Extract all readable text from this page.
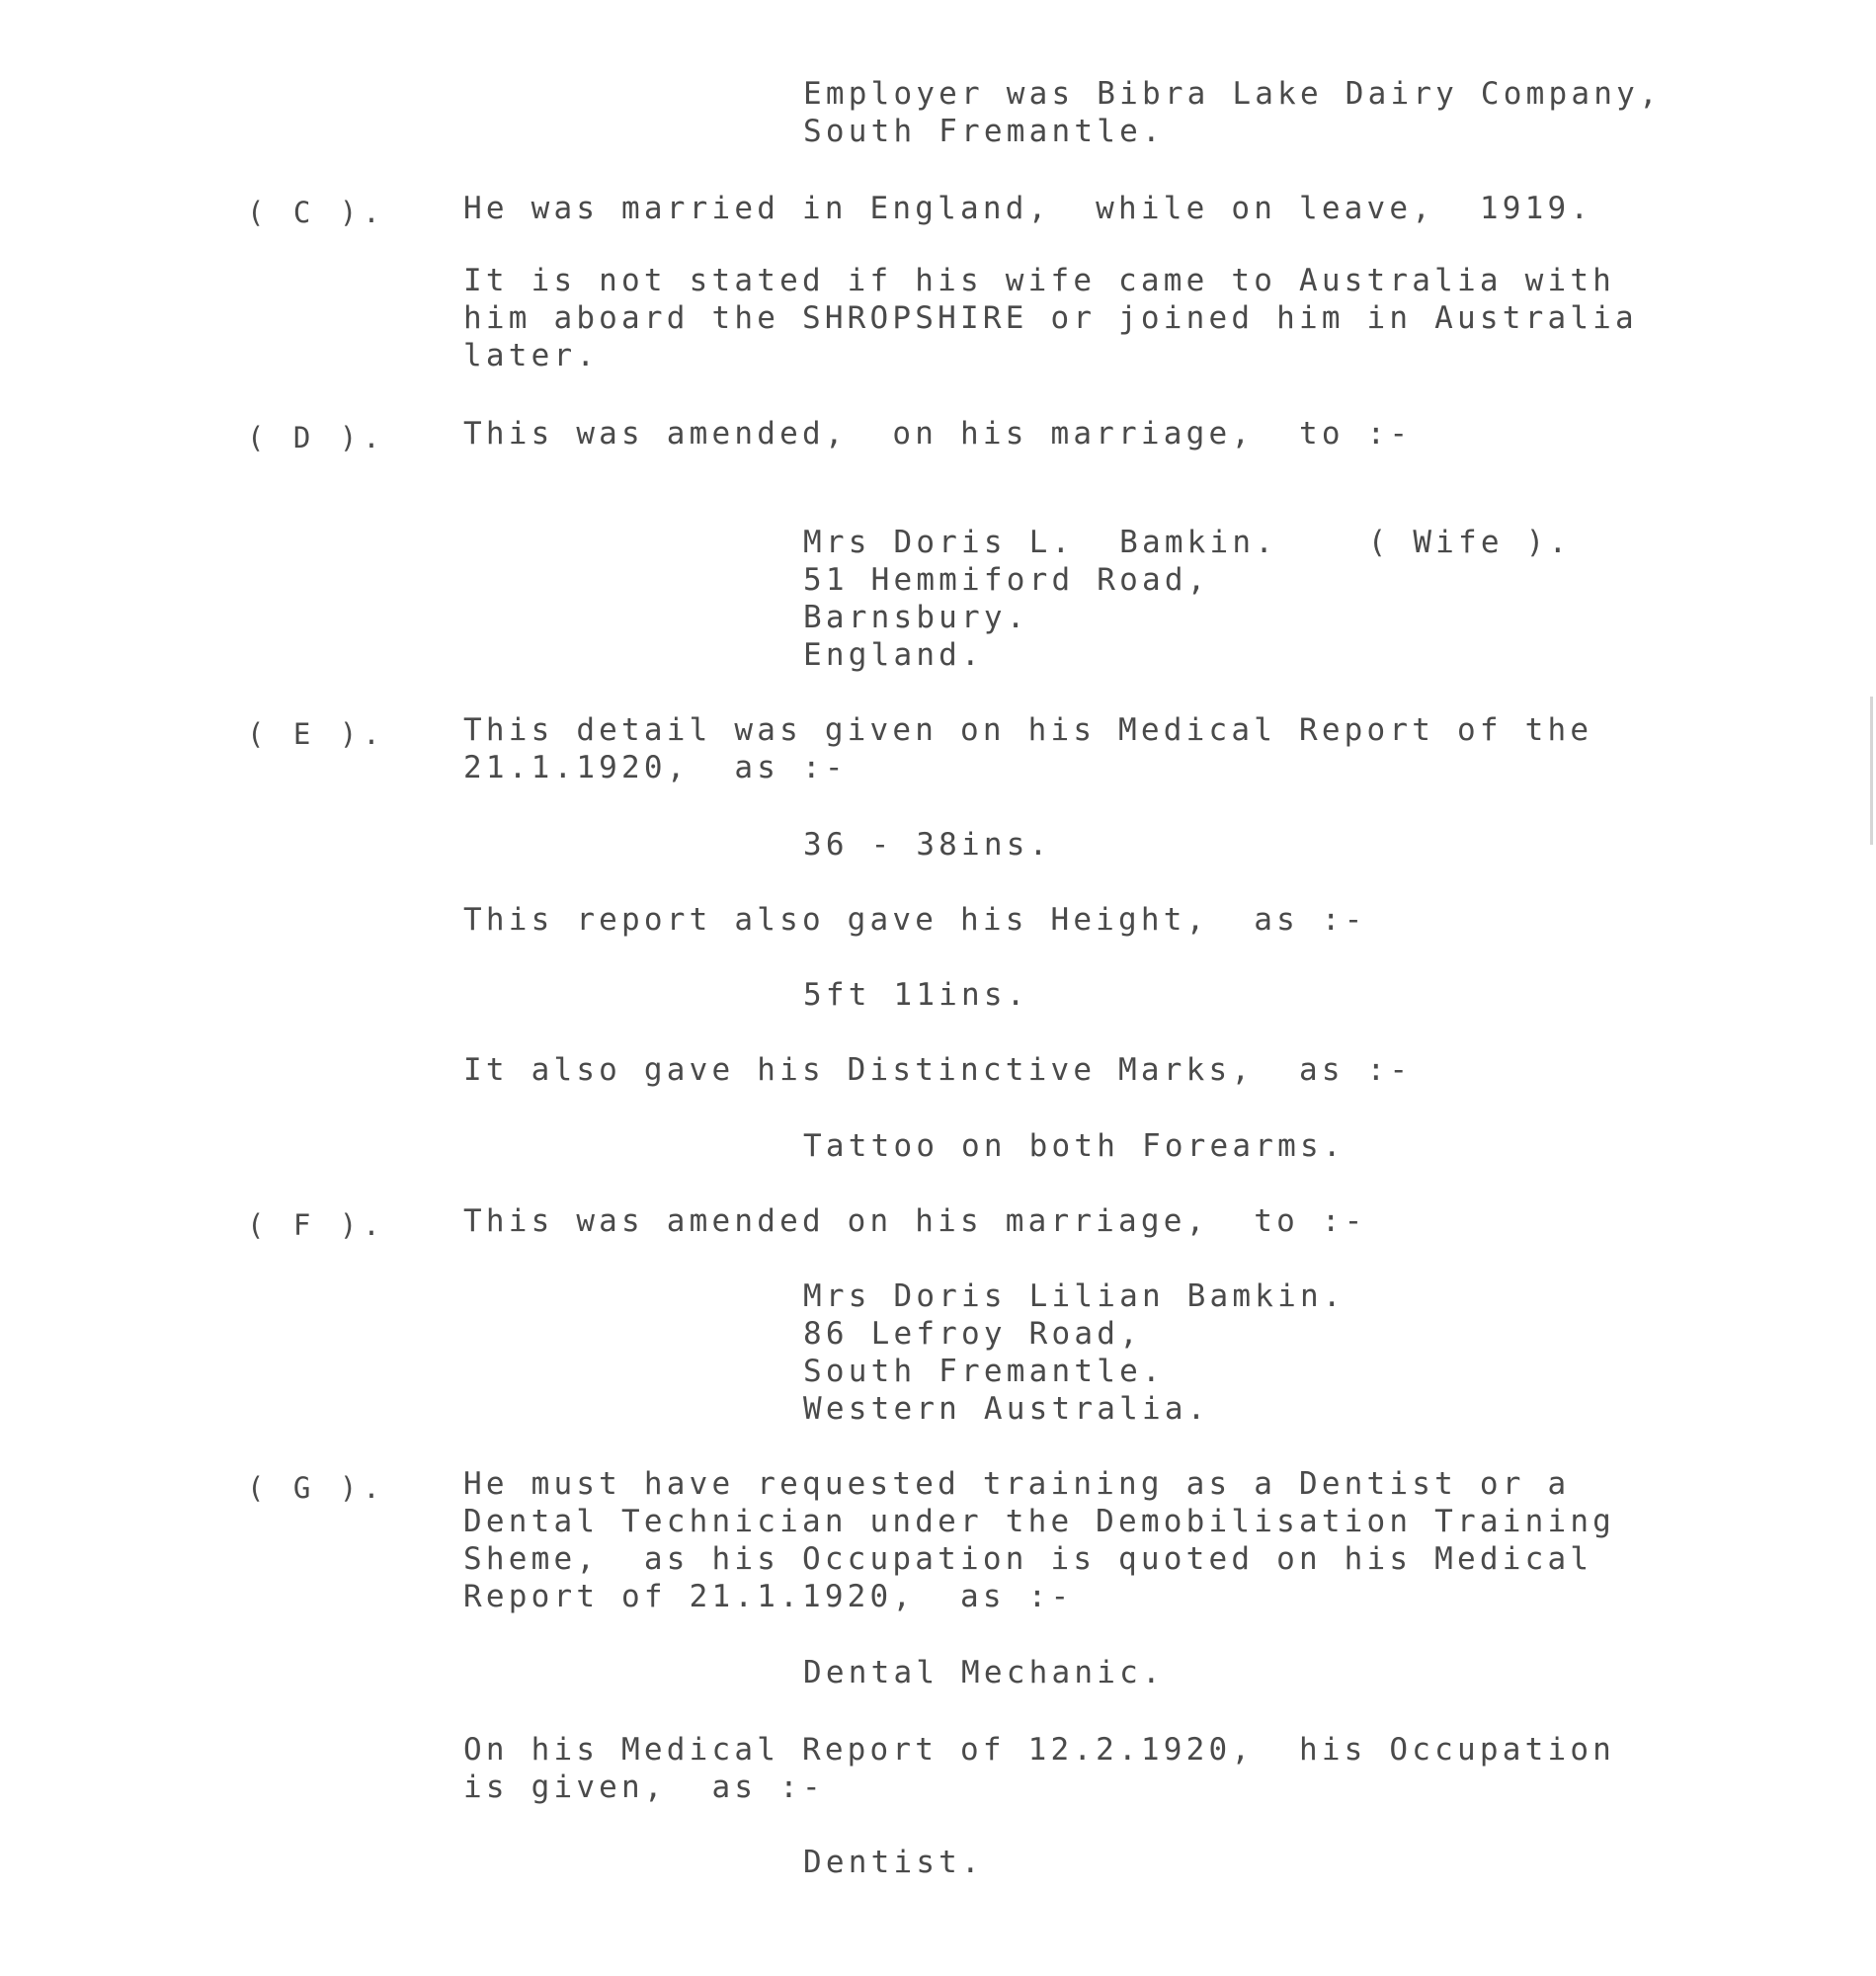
Employer was Bibra Lake Dairy Company,
South Fremantle.
( C ).	He was married in England,  while on leave,  1919.
It is not stated if his wife came to Australia with
him aboard the SHROPSHIRE or joined him in Australia
later.
( D ).	This was amended,  on his marriage,  to :-
Mrs Doris L.  Bamkin.    ( Wife ).
51 Hemmiford Road,
Barnsbury.
England.
( E ).	This detail was given on his Medical Report of the
21.1.1920,  as :-
36 - 38ins.
This report also gave his Height,  as :-
5ft 11ins.
It also gave his Distinctive Marks,  as :-
Tattoo on both Forearms.
( F ).	This was amended on his marriage,  to :-
Mrs Doris Lilian Bamkin.
86 Lefroy Road,
South Fremantle.
Western Australia.
( G ).	He must have requested training as a Dentist or a
Dental Technician under the Demobilisation Training
Sheme,  as his Occupation is quoted on his Medical
Report of 21.1.1920,  as :-
Dental Mechanic.
On his Medical Report of 12.2.1920,  his Occupation
is given,  as :-
Dentist.
